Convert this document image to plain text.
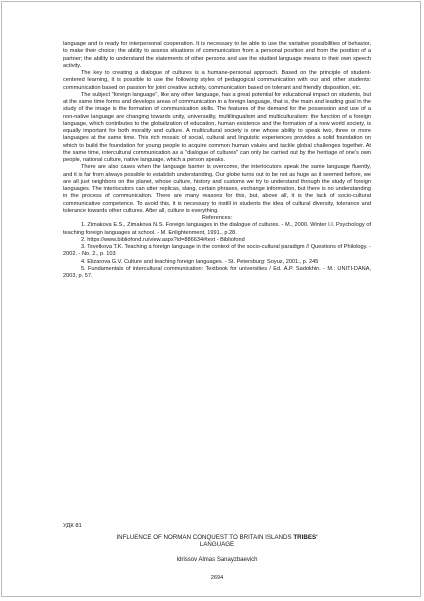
language and is ready for interpersonal cooperation. It is necessary to be able to use the variative possibilities of behavior, to make their choice; the ability to assess situations of communication from a personal position and from the position of a partner; the ability to understand the statements of other persons and use the studied language means in their own speech activity.

The key to creating a dialogue of cultures is a humane-personal approach. Based on the principle of student-centered learning, it is possible to use the following styles of pedagogical communication with our and other students: communication based on passion for joint creative activity, communication based on tolerant and friendly disposition, etc.

The subject "foreign language", like any other language, has a great potential for educational impact on students, but at the same time forms and develops areas of communication in a foreign language, that is, the main and leading goal in the study of the image is the formation of communication skills. The features of the demand for the possession and use of a non-native language are changing towards unity, universality, multilingualism and multiculturalism: the function of a foreign language, which contributes to the globalization of education, human existence and the formation of a new world society, is equally important for both morality and culture. A multicultural society is one whose ability to speak two, three or more languages at the same time. This rich mosaic of social, cultural and linguistic experiences provides a solid foundation on which to build the foundation for young people to acquire common human values and tackle global challenges together. At the same time, intercultural communication as a "dialogue of cultures" can only be carried out by the heritage of one's own people, national culture, native language, which a person speaks.

There are also cases when the language barrier is overcome, the interlocutors speak the same language fluently, and it is far from always possible to establish understanding. Our globe turns out to be not as huge as it seemed before, we are all just neighbors on the planet, whose culture, history and customs we try to understand through the study of foreign languages. The interlocutors can utter replicas, slang, certain phrases, exchange information, but there is no understanding in the process of communication. There are many reasons for this, but, above all, it is the lack of socio-cultural communicative competence. To avoid this, it is necessary to instill in students the idea of cultural diversity, tolerance and tolerance towards other cultures. After all, culture is everything.

References:

1. Zimakova E.S., Zimakova N.S. Foreign languages in the dialogue of cultures. - M., 2000. Winter I.I. Psychology of teaching foreign languages at school. - M. Enlightenment, 1991., p.28.

2. https://www.bibliofond.ru/view.aspx?id=886634#text - Bibliofond

3. Tsvetkova T.K. Teaching a foreign language in the context of the socio-cultural paradigm // Questions of Philology. - 2002. - No. 2., p. 103

4. Elizarova G.V. Culture and teaching foreign languages. - St. Petersburg: Soyuz, 2001., p. 245

5. Fundamentals of intercultural communication: Textbook for universities / Ed. A.P. Sadokhin. - M.: UNITI-DANA, 2003, p. 57.

УДК 81
INFLUENCE OF NORMAN CONQUEST TO BRITAIN ISLANDS TRIBES'
LANGUAGE
Idrissov Almas Sanayzbaevich
2694
